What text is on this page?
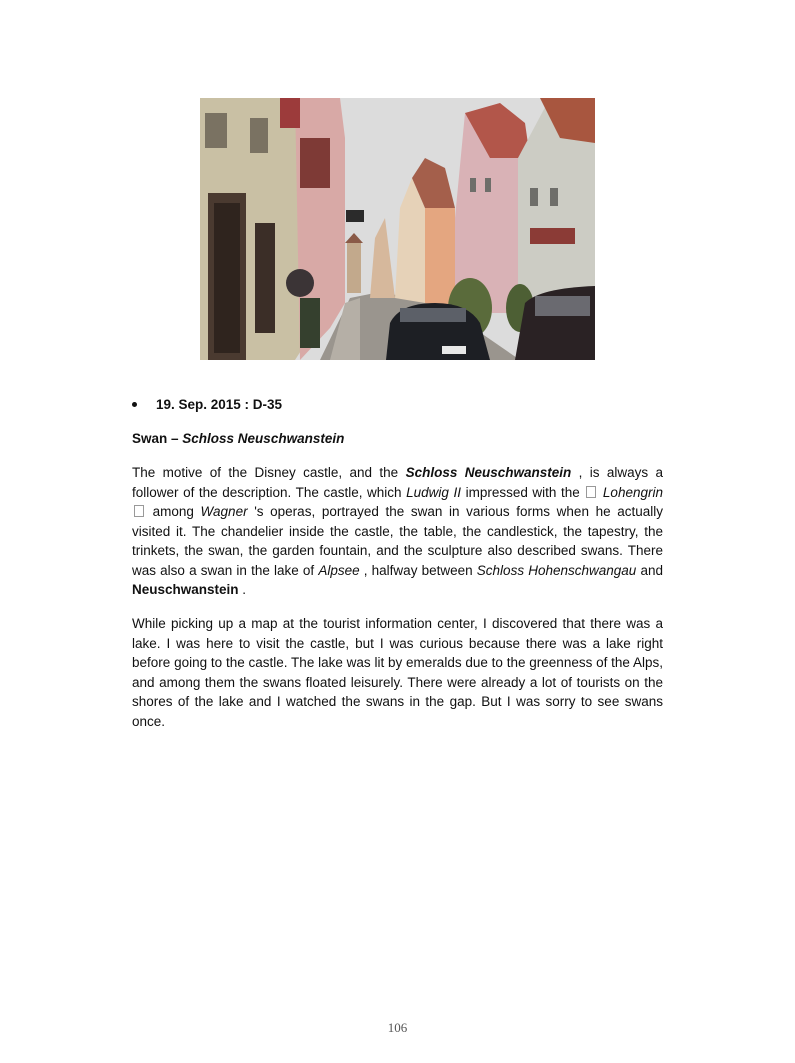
19. Sep. 2015 : D-35
Swan – Schloss Neuschwanstein

The motive of the Disney castle, and the Schloss Neuschwanstein , is always a follower of the description. The castle, which Ludwig II impressed with the  Lohengrin  among Wagner 's operas, portrayed the swan in various forms when he actually visited it. The chandelier inside the castle, the table, the candlestick, the tapestry, the trinkets, the swan, the garden fountain, and the sculpture also described swans. There was also a swan in the lake of Alpsee , halfway between Schloss Hohenschwangau and Neuschwanstein .

While picking up a map at the tourist information center, I discovered that there was a lake. I was here to visit the castle, but I was curious because there was a lake right before going to the castle. The lake was lit by emeralds due to the greenness of the Alps, and among them the swans floated leisurely. There were already a lot of tourists on the shores of the lake and I watched the swans in the gap. But I was sorry to see swans once.

106
